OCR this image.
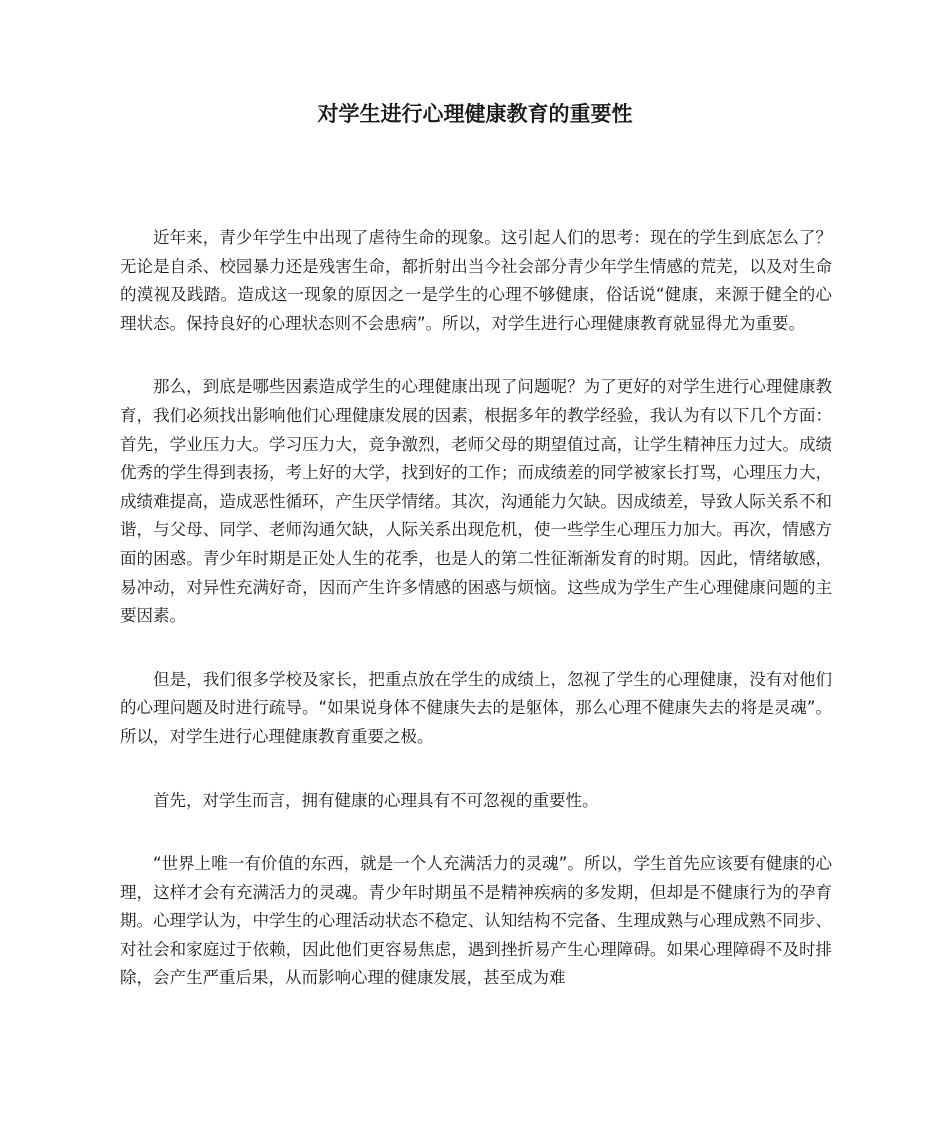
对学生进行心理健康教育的重要性

近年来，青少年学生中出现了虐待生命的现象。这引起人们的思考：现在的学生到底怎么了？无论是自杀、校园暴力还是残害生命，都折射出当今社会部分青少年学生情感的荒芜，以及对生命的漠视及践踏。造成这一现象的原因之一是学生的心理不够健康，俗话说“健康，来源于健全的心理状态。保持良好的心理状态则不会患病”。所以，对学生进行心理健康教育就显得尤为重要。

那么，到底是哪些因素造成学生的心理健康出现了问题呢？为了更好的对学生进行心理健康教育，我们必须找出影响他们心理健康发展的因素，根据多年的教学经验，我认为有以下几个方面：首先，学业压力大。学习压力大，竞争激烈，老师父母的期望值过高，让学生精神压力过大。成绩优秀的学生得到表扬，考上好的大学，找到好的工作；而成绩差的同学被家长打骂，心理压力大，成绩难提高，造成恶性循环，产生厌学情绪。其次，沟通能力欠缺。因成绩差，导致人际关系不和谐，与父母、同学、老师沟通欠缺，人际关系出现危机，使一些学生心理压力加大。再次，情感方面的困惑。青少年时期是正处人生的花季，也是人的第二性征渐渐发育的时期。因此，情绪敏感，易冲动，对异性充满好奇，因而产生许多情感的困惑与烦恼。这些成为学生产生心理健康问题的主要因素。

但是，我们很多学校及家长，把重点放在学生的成绩上，忽视了学生的心理健康，没有对他们的心理问题及时进行疏导。“如果说身体不健康失去的是躯体，那么心理不健康失去的将是灵魂”。所以，对学生进行心理健康教育重要之极。

首先，对学生而言，拥有健康的心理具有不可忽视的重要性。

“世界上唯一有价值的东西，就是一个人充满活力的灵魂”。所以，学生首先应该要有健康的心理，这样才会有充满活力的灵魂。青少年时期虽不是精神疾病的多发期，但却是不健康行为的孕育期。心理学认为，中学生的心理活动状态不稳定、认知结构不完备、生理成熟与心理成熟不同步、对社会和家庭过于依赖，因此他们更容易焦虑，遇到挫折易产生心理障碍。如果心理障碍不及时排除，会产生严重后果，从而影响心理的健康发展，甚至成为难
